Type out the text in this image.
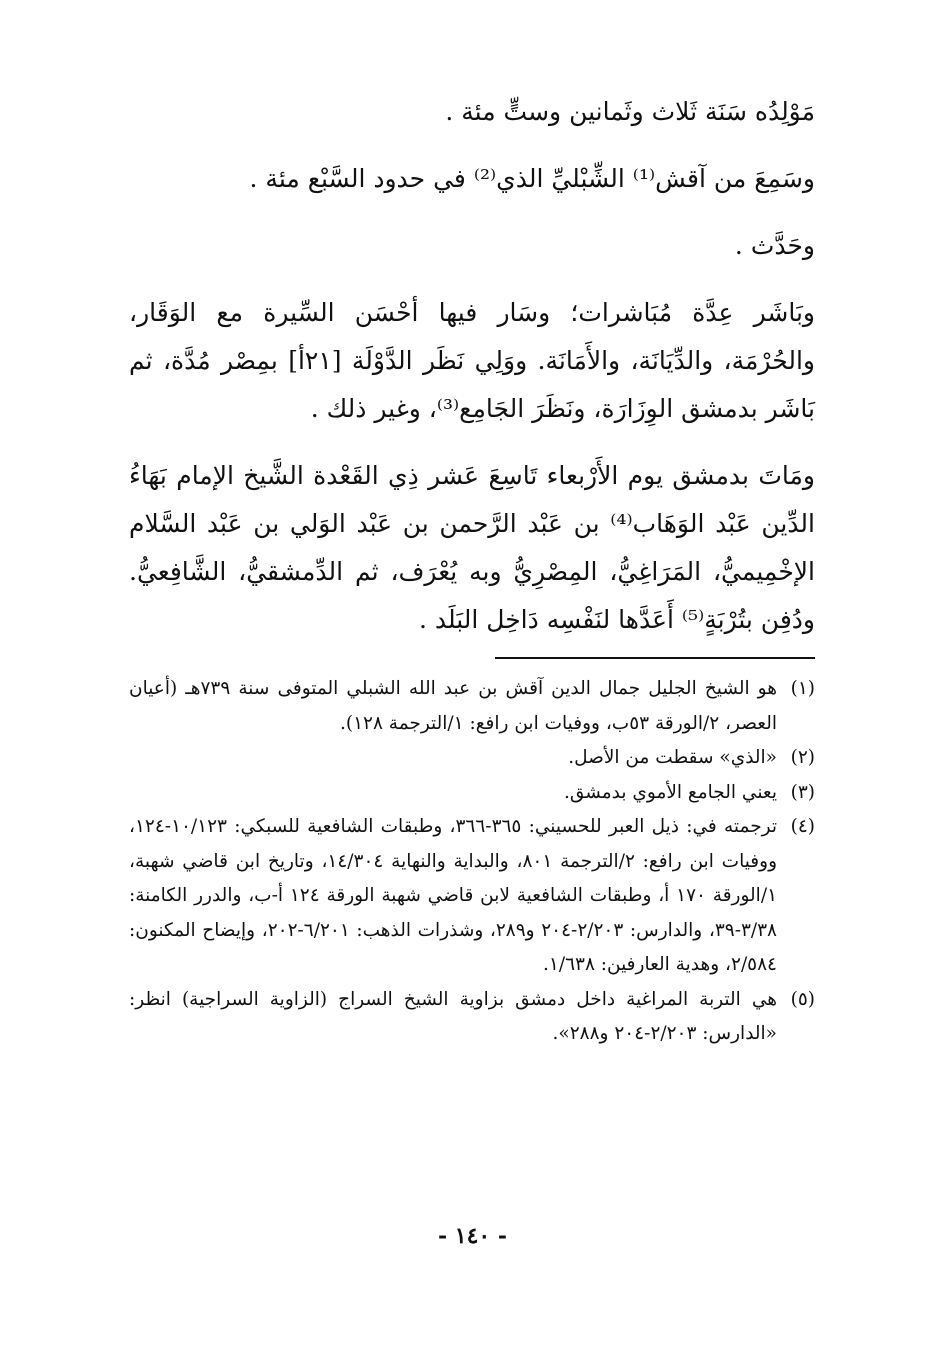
مَوْلِدُه سَنَة ثَلاث وثَمانين وستٍّ مئة .

وسَمِعَ من آقش⁽¹⁾ الشِّبْليِّ الذي⁽²⁾ في حدود السَّبْع مئة .

وحَدَّث .

وبَاشَر عِدَّة مُبَاشرات؛ وسَار فيها أحْسَن السِّيرة مع الوَقَار، والحُرْمَة، والدِّيَانَة، والأَمَانَة. ووَلِي نَظَر الدَّوْلَة [٢١أ] بمِصْر مُدَّة، ثم بَاشَر بدمشق الوِزَارَة، ونَظَرَ الجَامِع⁽³⁾، وغير ذلك .

ومَاتَ بدمشق يوم الأَرْبعاء تَاسِعَ عَشر ذِي القَعْدة الشَّيخ الإمام بَهَاءُ الدِّين عَبْد الوَهَاب⁽⁴⁾ بن عَبْد الرَّحمن بن عَبْد الوَلي بن عَبْد السَّلام الإخْمِيميُّ، المَرَاغِيُّ، المِصْرِيُّ وبه يُعْرَف، ثم الدِّمشقيُّ، الشَّافِعيُّ. ودُفِن بتُرْبَةٍ⁽⁵⁾ أَعَدَّها لنَفْسِه دَاخِل البَلَد .

(١)
هو الشيخ الجليل جمال الدين آقش بن عبد الله الشبلي المتوفى سنة ٧٣٩هـ (أعيان العصر، ٢/الورقة ٥٣ب، ووفيات ابن رافع: ١/الترجمة ١٢٨).

(٢)
«الذي» سقطت من الأصل.

(٣)
يعني الجامع الأموي بدمشق.

(٤)
ترجمته في: ذيل العبر للحسيني: ٣٦٥-٣٦٦، وطبقات الشافعية للسبكي: ١٠/١٢٣-١٢٤، ووفيات ابن رافع: ٢/الترجمة ٨٠١، والبداية والنهاية ١٤/٣٠٤، وتاريخ ابن قاضي شهبة، ١/الورقة ١٧٠ أ، وطبقات الشافعية لابن قاضي شهبة الورقة ١٢٤ أ-ب، والدرر الكامنة: ٣/٣٨-٣٩، والدارس: ٢/٢٠٣-٢٠٤ و٢٨٩، وشذرات الذهب: ٦/٢٠١-٢٠٢، وإيضاح المكنون: ٢/٥٨٤، وهدية العارفين: ١/٦٣٨.

(٥)
هي التربة المراغية داخل دمشق بزاوية الشيخ السراج (الزاوية السراجية) انظر: «الدارس: ٢/٢٠٣-٢٠٤ و٢٨٨».

- ١٤٠ -
